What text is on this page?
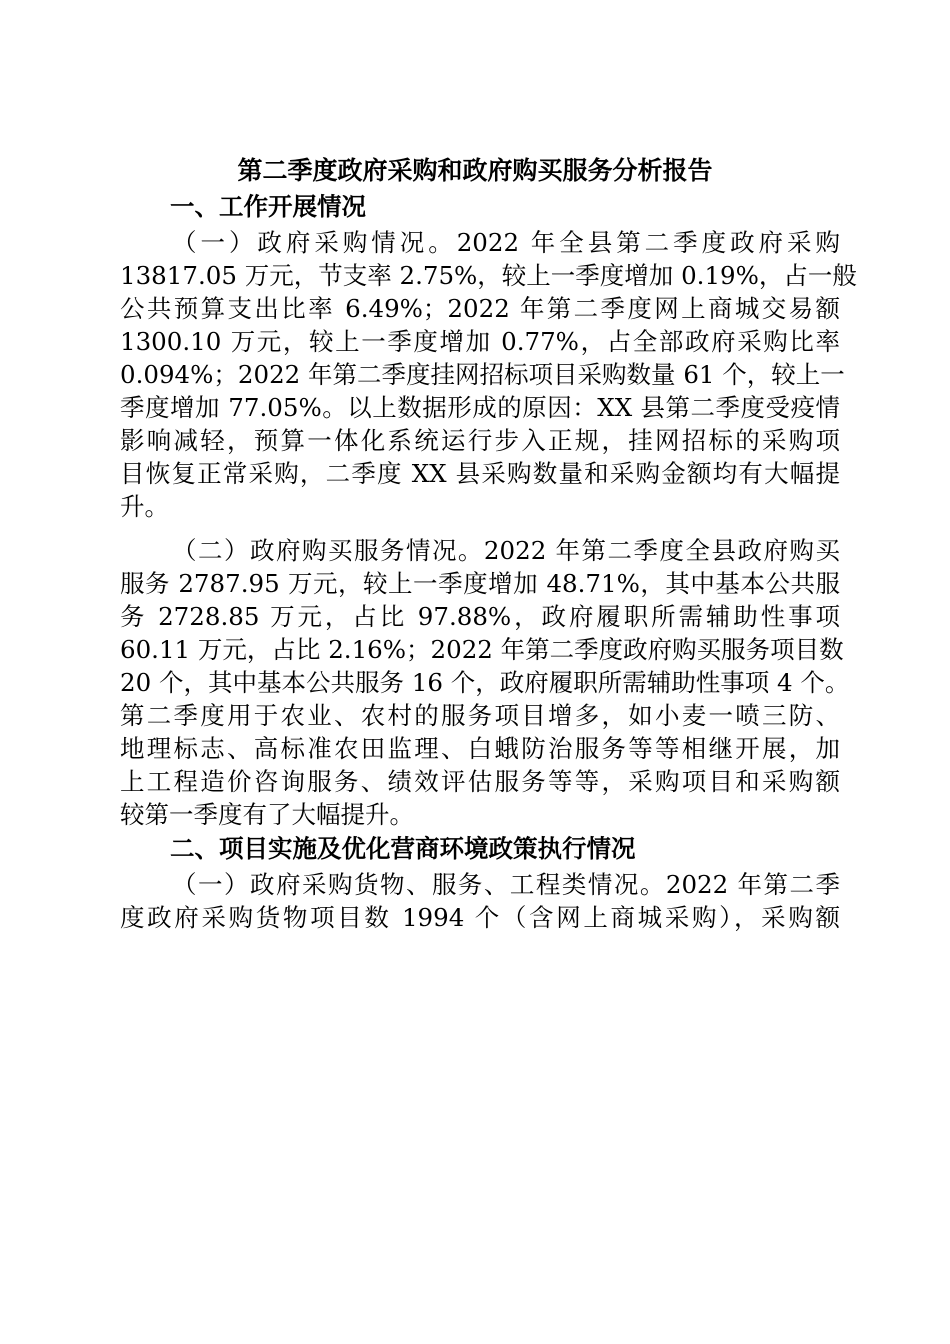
第二季度政府采购和政府购买服务分析报告
一、工作开展情况
（一）政府采购情况。2022 年全县第二季度政府采购
13817.05 万元，节支率 2.75%，较上一季度增加 0.19%，占一般
公共预算支出比率 6.49%；2022 年第二季度网上商城交易额
1300.10 万元，较上一季度增加 0.77%，占全部政府采购比率
0.094%；2022 年第二季度挂网招标项目采购数量 61 个，较上一
季度增加 77.05%。以上数据形成的原因：XX 县第二季度受疫情
影响减轻，预算一体化系统运行步入正规，挂网招标的采购项
目恢复正常采购，二季度 XX 县采购数量和采购金额均有大幅提
升。
（二）政府购买服务情况。2022 年第二季度全县政府购买
服务 2787.95 万元，较上一季度增加 48.71%，其中基本公共服
务 2728.85 万元，占比 97.88%，政府履职所需辅助性事项
60.11 万元，占比 2.16%；2022 年第二季度政府购买服务项目数
20 个，其中基本公共服务 16 个，政府履职所需辅助性事项 4 个。
第二季度用于农业、农村的服务项目增多，如小麦一喷三防、
地理标志、高标准农田监理、白蛾防治服务等等相继开展，加
上工程造价咨询服务、绩效评估服务等等，采购项目和采购额
较第一季度有了大幅提升。
二、项目实施及优化营商环境政策执行情况
（一）政府采购货物、服务、工程类情况。2022 年第二季
度政府采购货物项目数 1994 个（含网上商城采购），采购额
